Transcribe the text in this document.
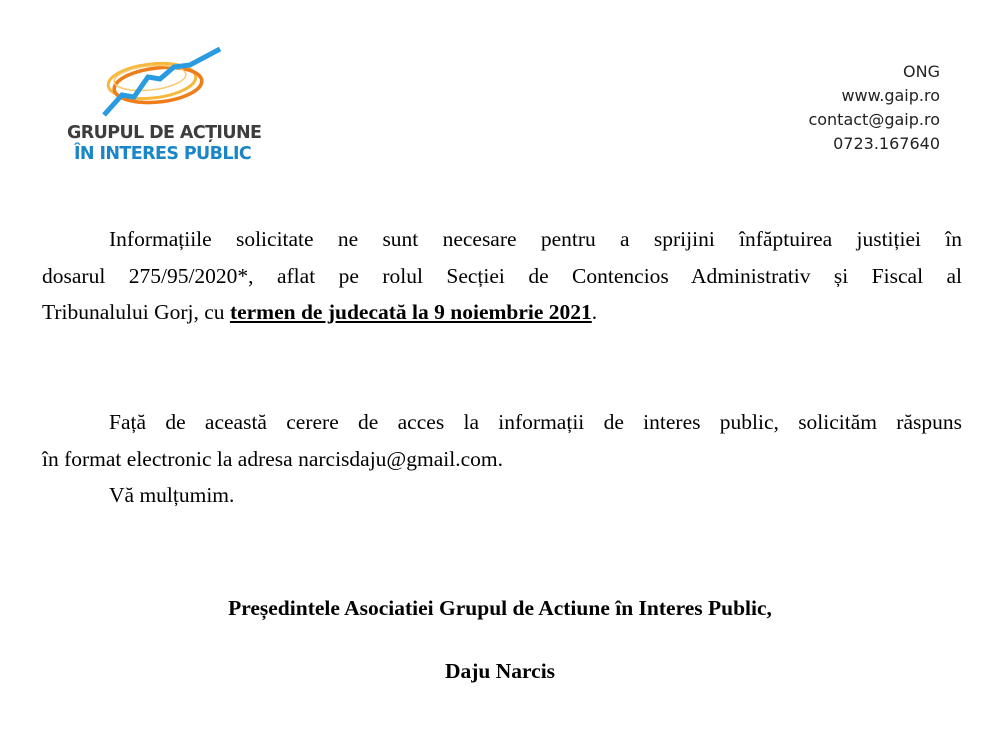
GRUPUL DE ACȚIUNE
ÎN INTERES PUBLIC
ONG
www.gaip.ro
contact@gaip.ro
0723.167640
Informațiile solicitate ne sunt necesare pentru a sprijini înfăptuirea justiției în
dosarul 275/95/2020*, aflat pe rolul Secției de Contencios Administrativ și Fiscal al
Tribunalului Gorj, cu termen de judecată la 9 noiembrie 2021.
Față de această cerere de acces la informații de interes public, solicităm răspuns
în format electronic la adresa narcisdaju@gmail.com.
Vă mulțumim.
Președintele Asociatiei Grupul de Actiune în Interes Public,
Daju Narcis
